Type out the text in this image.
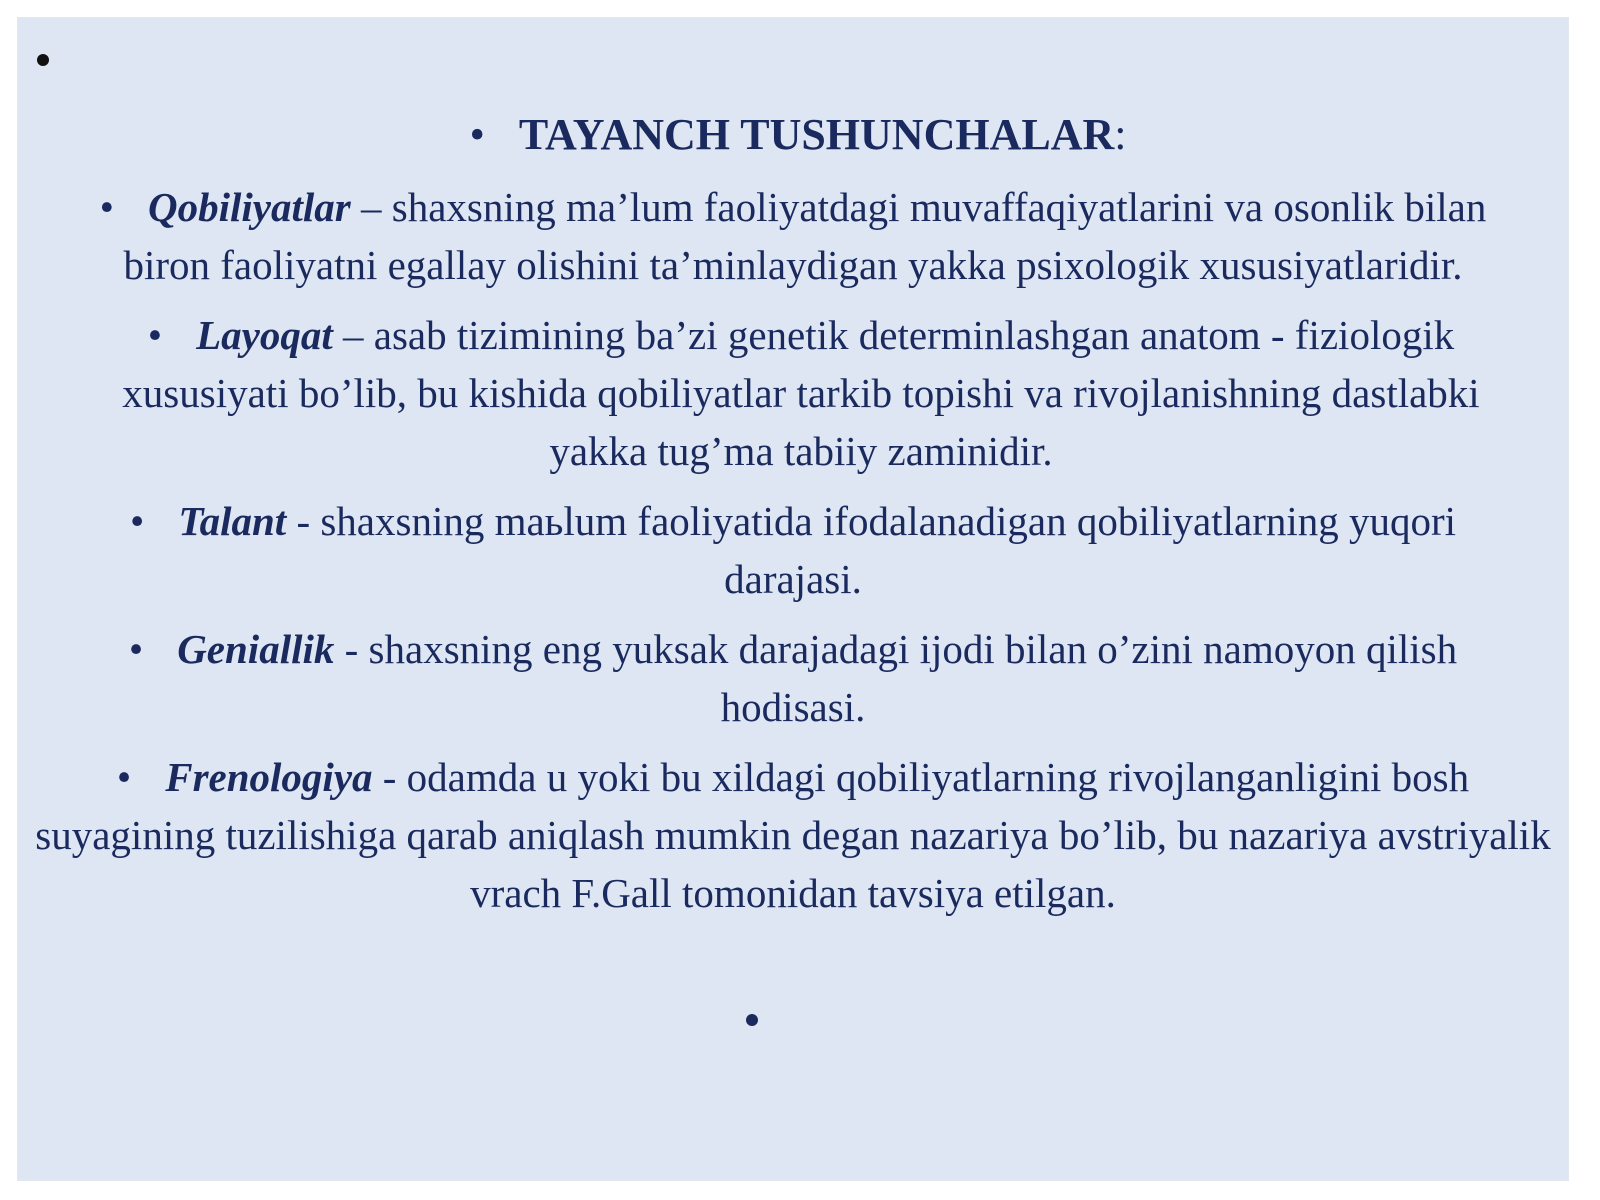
• TAYANCH TUSHUNCHALAR:
• Qobiliyatlar – shaxsning ma’lum faoliyatdagi muvaffaqiyatlarini va osonlik bilan biron faoliyatni egallay olishini ta’minlaydigan yakka psixologik xususiyatlaridir.
• Layoqat – asab tizimining ba’zi genetik determinlashgan anatom - fiziologik xususiyati bo’lib, bu kishida qobiliyatlar tarkib topishi va rivojlanishning dastlabki yakka tug’ma tabiiy zaminidir.
• Talant - shaxsning maьlum faoliyatida ifodalanadigan qobiliyatlarning yuqori darajasi.
• Geniallik - shaxsning eng yuksak darajadagi ijodi bilan o’zini namoyon qilish hodisasi.
• Frenologiya - odamda u yoki bu xildagi qobiliyatlarning rivojlanganligini bosh suyagining tuzilishiga qarab aniqlash mumkin degan nazariya bo’lib, bu nazariya avstriyalik vrach F.Gall tomonidan tavsiya etilgan.
